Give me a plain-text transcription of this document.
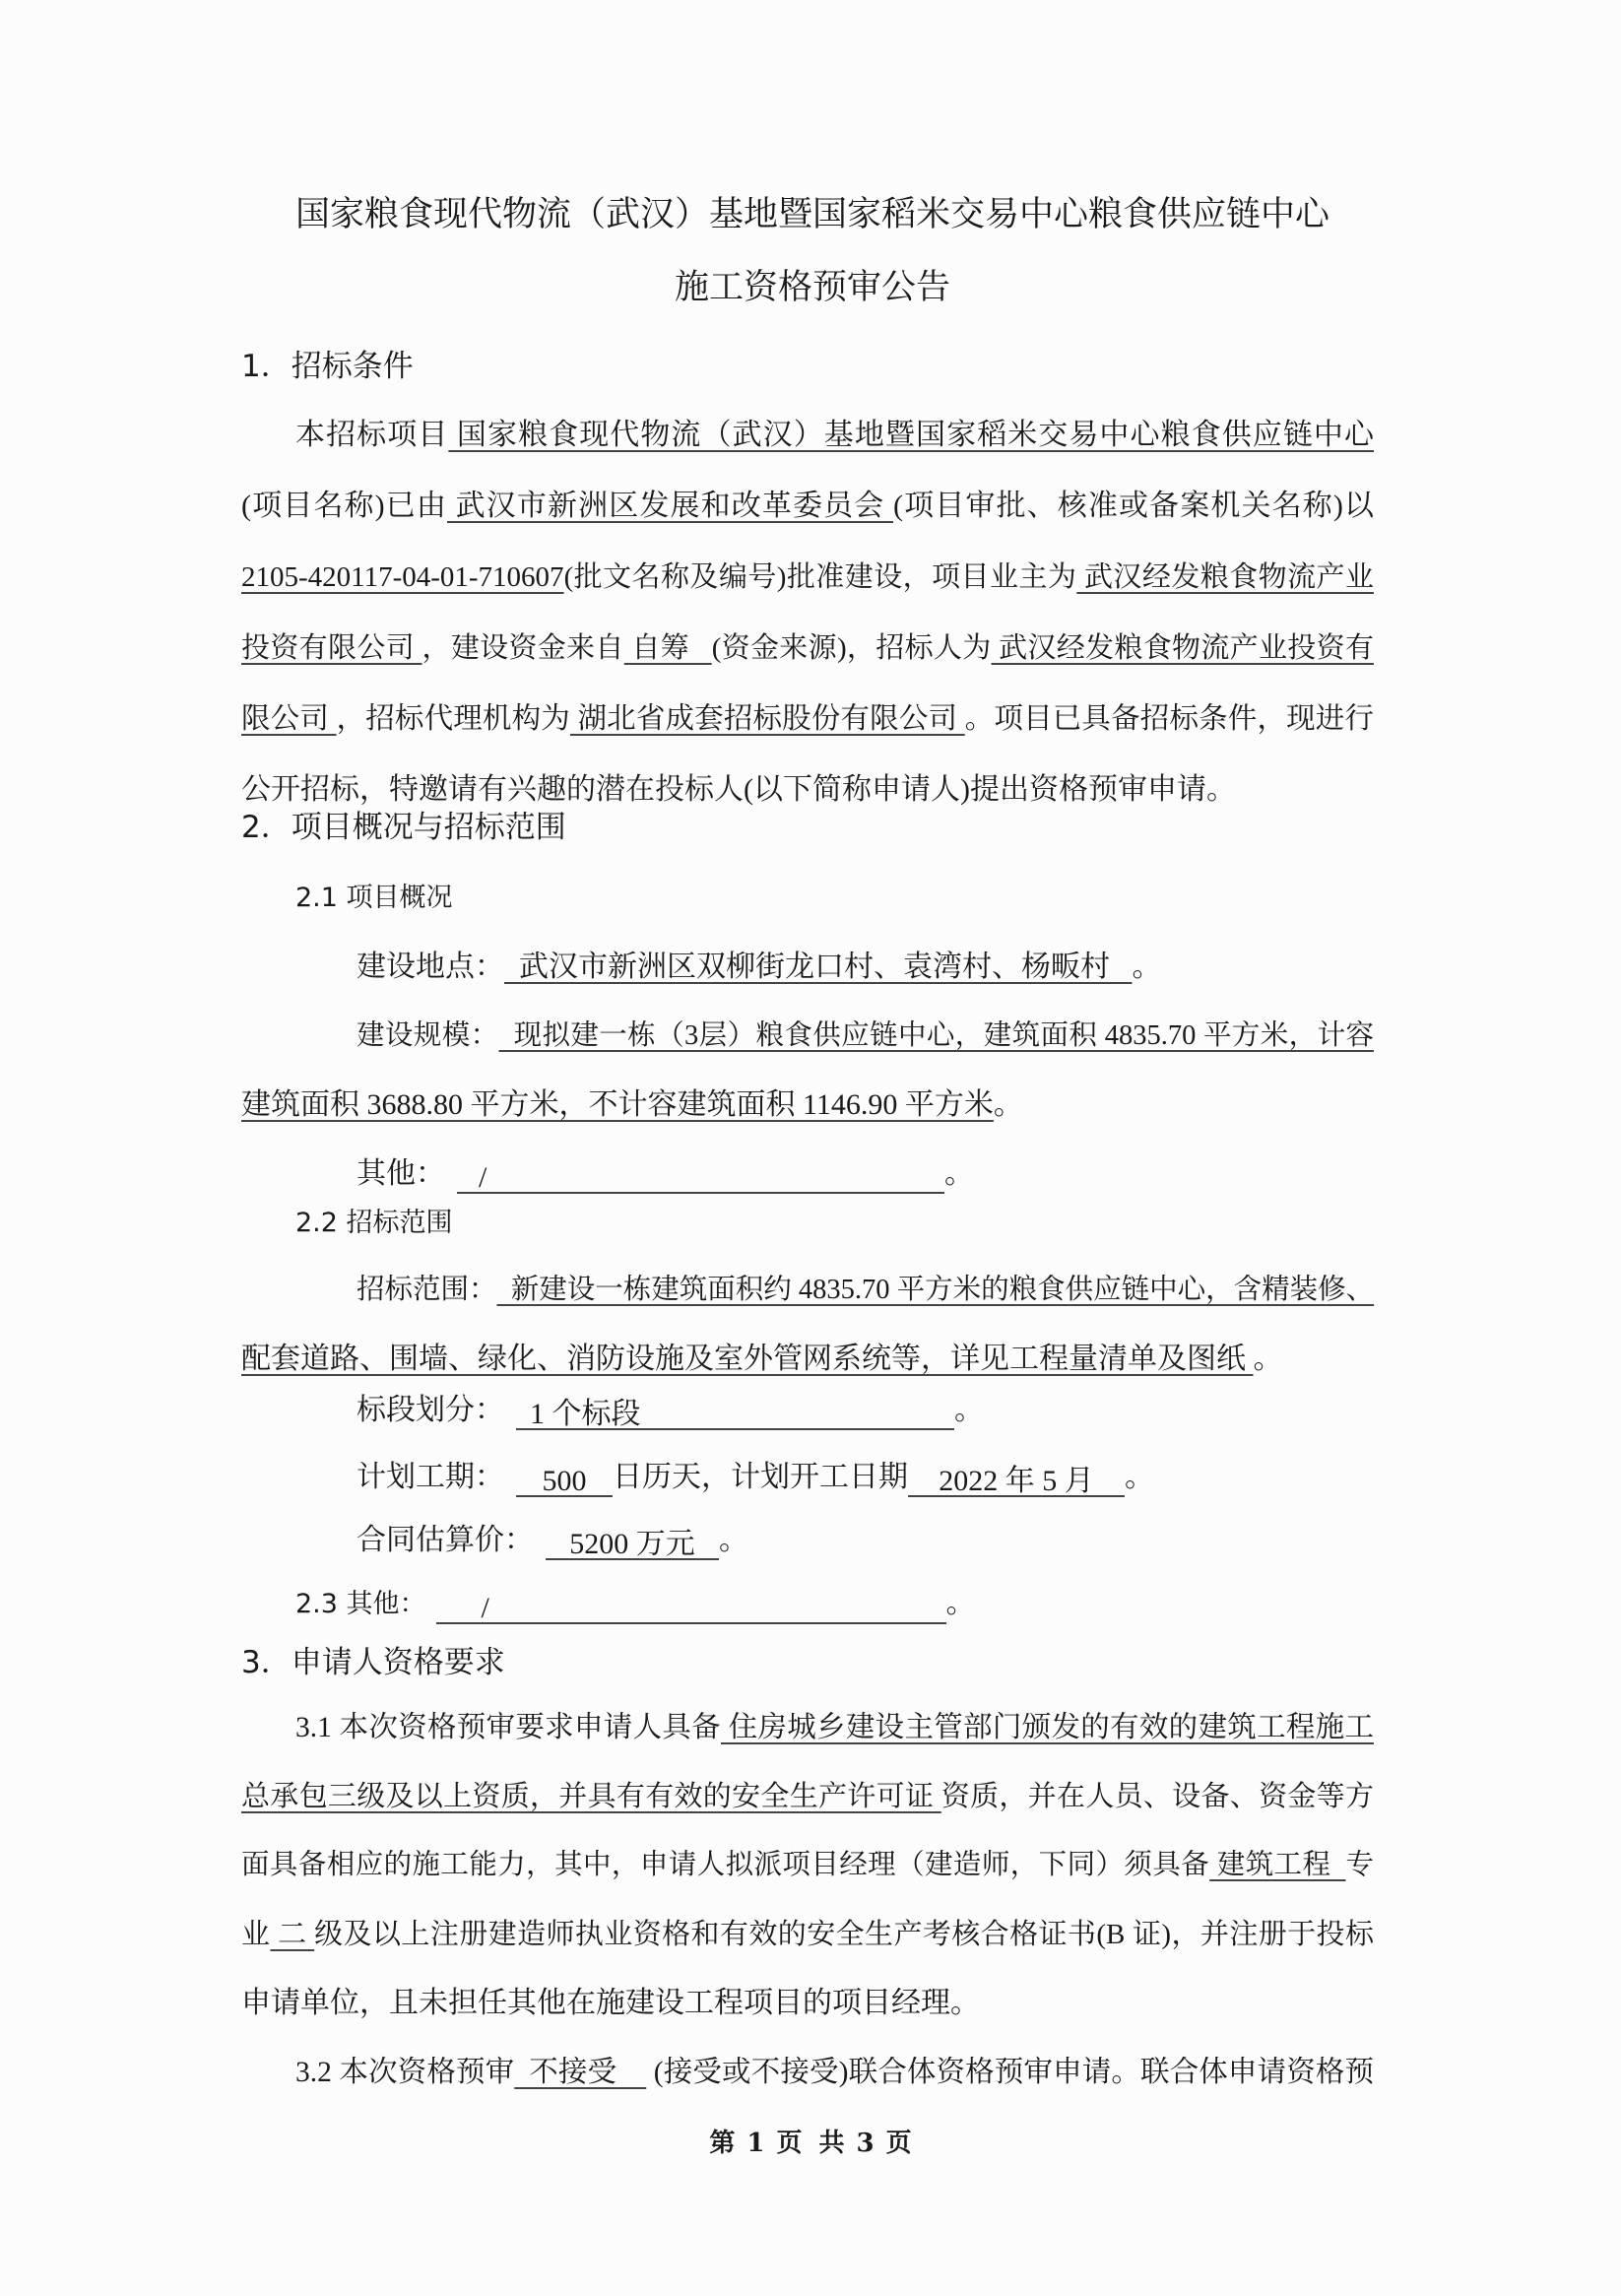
国家粮食现代物流（武汉）基地暨国家稻米交易中心粮食供应链中心
施工资格预审公告
1．招标条件
本招标项目 国家粮食现代物流（武汉）基地暨国家稻米交易中心粮食供应链中心
(项目名称)已由 武汉市新洲区发展和改革委员会 (项目审批、核准或备案机关名称)以
2105-420117-04-01-710607(批文名称及编号)批准建设，项目业主为 武汉经发粮食物流产业
投资有限公司 ，建设资金来自 自筹   (资金来源)，招标人为 武汉经发粮食物流产业投资有
限公司 ，招标代理机构为 湖北省成套招标股份有限公司 。项目已具备招标条件，现进行
公开招标，特邀请有兴趣的潜在投标人(以下简称申请人)提出资格预审申请。
2．项目概况与招标范围
2.1 项目概况
建设地点：  武汉市新洲区双柳街龙口村、袁湾村、杨畈村   。
建设规模：  现拟建一栋（3层）粮食供应链中心，建筑面积 4835.70 平方米，计容
建筑面积 3688.80 平方米，不计容建筑面积 1146.90 平方米。
其他： /	。
2.2 招标范围
招标范围：  新建设一栋建筑面积约 4835.70 平方米的粮食供应链中心，含精装修、
配套道路、围墙、绿化、消防设施及室外管网系统等，详见工程量清单及图纸 。
标段划分： 1 个标段	。
计划工期： 500 日历天，计划开工日期 2022 年 5 月 。
合同估算价： 5200 万元 。
2.3 其他： /	。
3．申请人资格要求
3.1 本次资格预审要求申请人具备 住房城乡建设主管部门颁发的有效的建筑工程施工
总承包三级及以上资质，并具有有效的安全生产许可证 资质，并在人员、设备、资金等方
面具备相应的施工能力，其中，申请人拟派项目经理（建造师，下同）须具备 建筑工程  专
业 二 级及以上注册建造师执业资格和有效的安全生产考核合格证书(B 证)，并注册于投标
申请单位，且未担任其他在施建设工程项目的项目经理。
3.2 本次资格预审  不接受     (接受或不接受)联合体资格预审申请。联合体申请资格预
第 1 页 共 3 页
